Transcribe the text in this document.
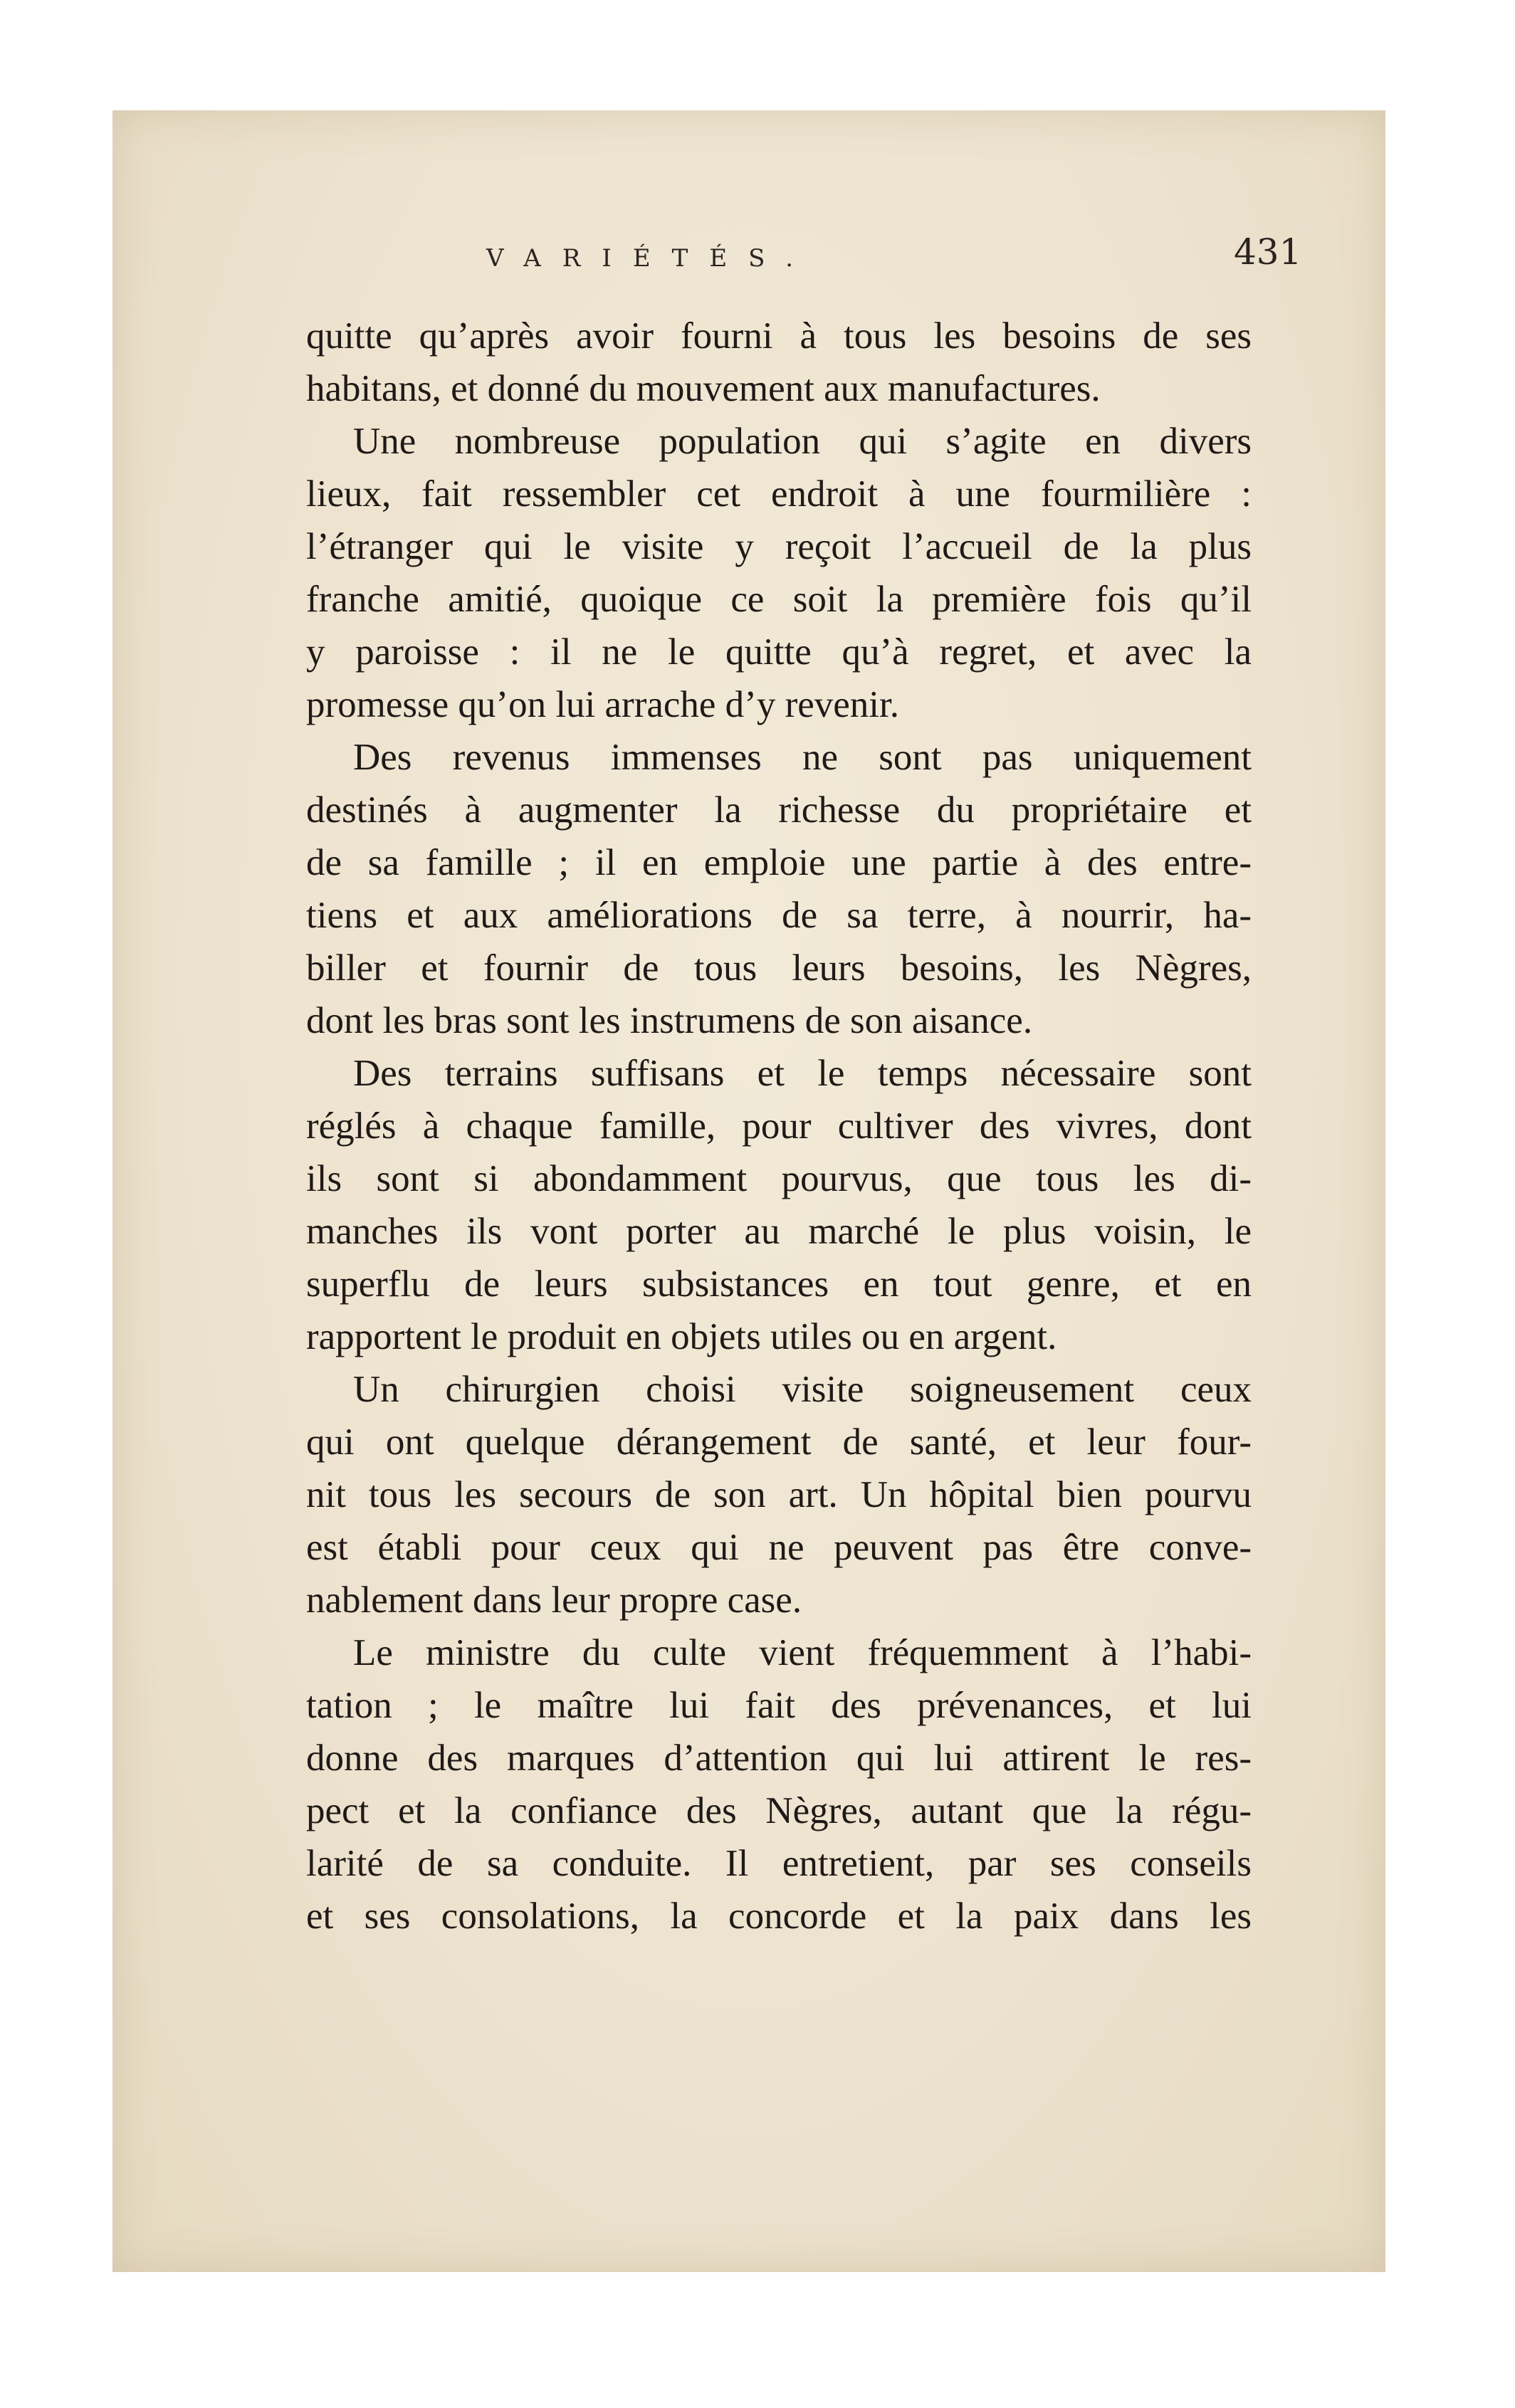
VARIÉTÉS.	431
quitte qu’après avoir fourni à tous les besoins de ses
habitans, et donné du mouvement aux manufactures.
Une nombreuse population qui s’agite en divers
lieux, fait ressembler cet endroit à une fourmilière :
l’étranger qui le visite y reçoit l’accueil de la plus
franche amitié, quoique ce soit la première fois qu’il
y paroisse : il ne le quitte qu’à regret, et avec la
promesse qu’on lui arrache d’y revenir.
Des revenus immenses ne sont pas uniquement
destinés à augmenter la richesse du propriétaire et
de sa famille ; il en emploie une partie à des entre-
tiens et aux améliorations de sa terre, à nourrir, ha-
biller et fournir de tous leurs besoins, les Nègres,
dont les bras sont les instrumens de son aisance.
Des terrains suffisans et le temps nécessaire sont
réglés à chaque famille, pour cultiver des vivres, dont
ils sont si abondamment pourvus, que tous les di-
manches ils vont porter au marché le plus voisin, le
superflu de leurs subsistances en tout genre, et en
rapportent le produit en objets utiles ou en argent.
Un chirurgien choisi visite soigneusement ceux
qui ont quelque dérangement de santé, et leur four-
nit tous les secours de son art. Un hôpital bien pourvu
est établi pour ceux qui ne peuvent pas être conve-
nablement dans leur propre case.
Le ministre du culte vient fréquemment à l’habi-
tation ; le maître lui fait des prévenances, et lui
donne des marques d’attention qui lui attirent le res-
pect et la confiance des Nègres, autant que la régu-
larité de sa conduite. Il entretient, par ses conseils
et ses consolations, la concorde et la paix dans les
